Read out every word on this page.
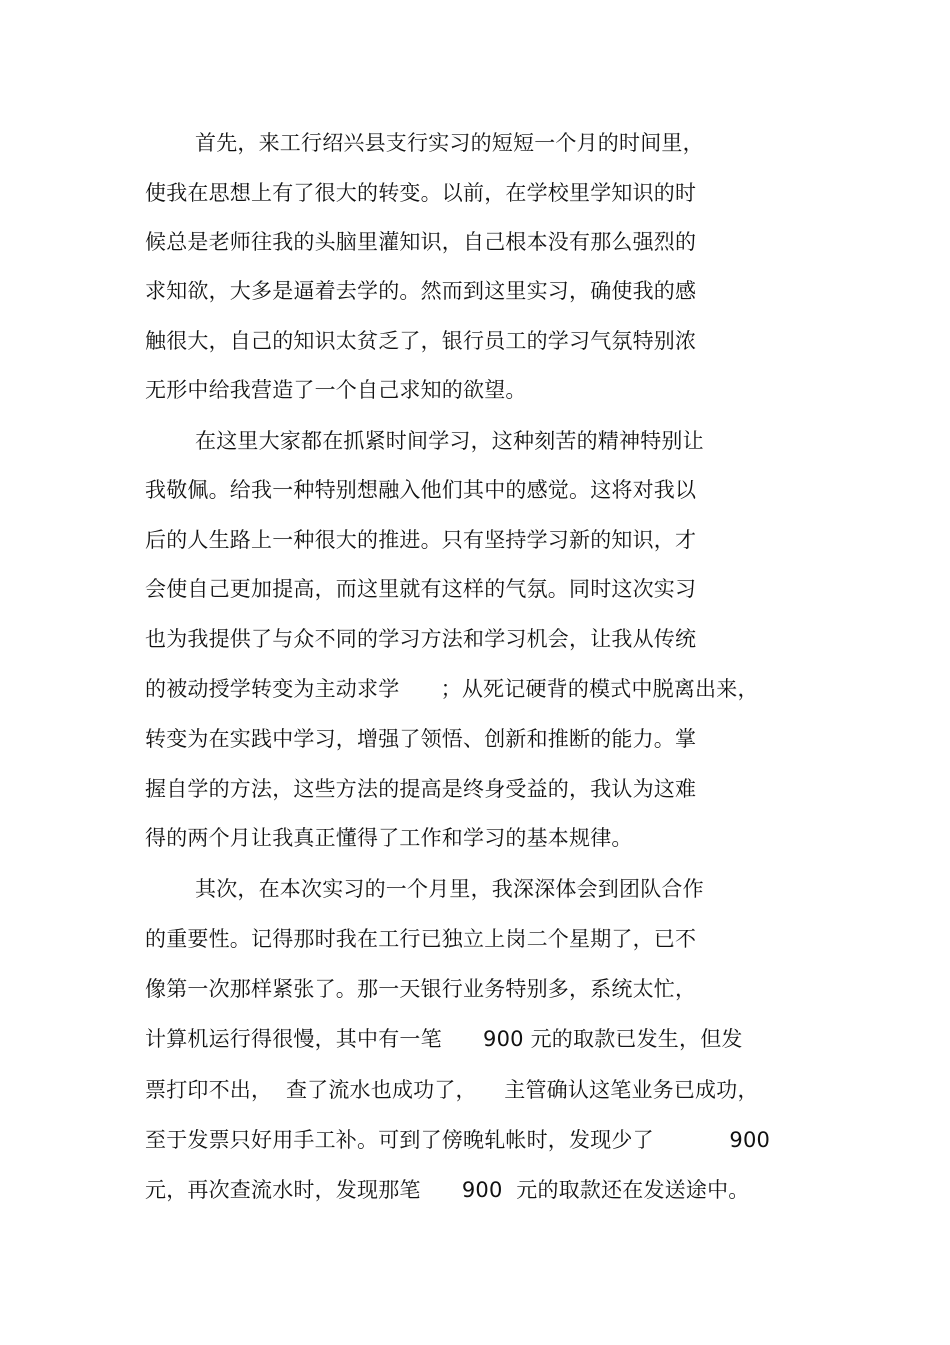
首先，来工行绍兴县支行实习的短短一个月的时间里，
使我在思想上有了很大的转变。以前，在学校里学知识的时
候总是老师往我的头脑里灌知识，自己根本没有那么强烈的
求知欲，大多是逼着去学的。然而到这里实习，确使我的感
触很大，自己的知识太贫乏了，银行员工的学习气氛特别浓
无形中给我营造了一个自己求知的欲望。
在这里大家都在抓紧时间学习，这种刻苦的精神特别让
我敬佩。给我一种特别想融入他们其中的感觉。这将对我以
后的人生路上一种很大的推进。只有坚持学习新的知识，才
会使自己更加提高，而这里就有这样的气氛。同时这次实习
也为我提供了与众不同的学习方法和学习机会，让我从传统
的被动授学转变为主动求学      ；从死记硬背的模式中脱离出来，
转变为在实践中学习，增强了领悟、创新和推断的能力。掌
握自学的方法，这些方法的提高是终身受益的，我认为这难
得的两个月让我真正懂得了工作和学习的基本规律。
其次，在本次实习的一个月里，我深深体会到团队合作
的重要性。记得那时我在工行已独立上岗二个星期了，已不
像第一次那样紧张了。那一天银行业务特别多，系统太忙，
计算机运行得很慢，其中有一笔      900 元的取款已发生，但发
票打印不出，  查了流水也成功了，    主管确认这笔业务已成功，
至于发票只好用手工补。可到了傍晚轧帐时，发现少了           900
元，再次查流水时，发现那笔      900  元的取款还在发送途中。
